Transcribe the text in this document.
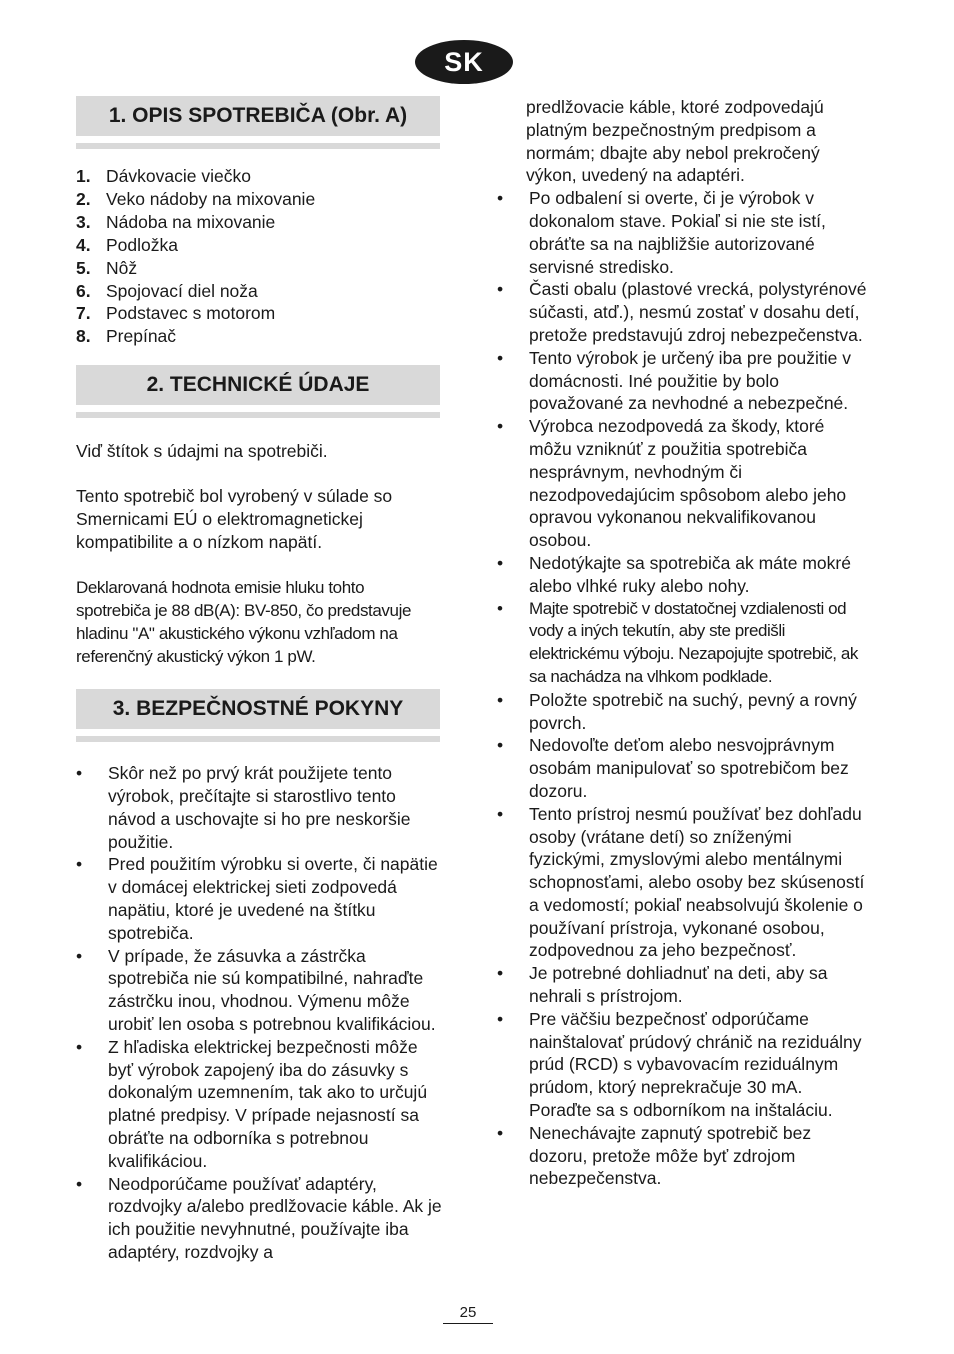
SK
1. OPIS SPOTREBIČA (Obr. A)
1. Dávkovacie viečko
2. Veko nádoby na mixovanie
3. Nádoba na mixovanie
4. Podložka
5. Nôž
6. Spojovací diel noža
7. Podstavec s motorom
8. Prepínač
2. TECHNICKÉ ÚDAJE

Viď štítok s údajmi na spotrebiči.

Tento spotrebič bol vyrobený v súlade so Smernicami EÚ o elektromagnetickej kompatibilite a o nízkom napätí.

Deklarovaná hodnota emisie hluku tohto spotrebiča je 88 dB(A): BV-850, čo predstavuje hladinu "A" akustického výkonu vzhľadom na referenčný akustický výkon 1 pW.

3. BEZPEČNOSTNÉ POKYNY
• Skôr než po prvý krát použijete tento výrobok, prečítajte si starostlivo tento návod a uschovajte si ho pre neskoršie použitie.
• Pred použitím výrobku si overte, či napätie v domácej elektrickej sieti zodpovedá napätiu, ktoré je uvedené na štítku spotrebiča.
• V prípade, že zásuvka a zástrčka spotrebiča nie sú kompatibilné, nahraďte zástrčku inou, vhodnou. Výmenu môže urobiť len osoba s potrebnou kvalifikáciou.
• Z hľadiska elektrickej bezpečnosti môže byť výrobok zapojený iba do zásuvky s dokonalým uzemnením, tak ako to určujú platné predpisy. V prípade nejasností sa obráťte na odborníka s potrebnou kvalifikáciou.
• Neodporúčame používať adaptéry, rozdvojky a/alebo predlžovacie káble. Ak je ich použitie nevyhnutné, používajte iba adaptéry, rozdvojky a

predlžovacie káble, ktoré zodpovedajú platným bezpečnostným predpisom a normám; dbajte aby nebol prekročený výkon, uvedený na adaptéri.

• Po odbalení si overte, či je výrobok v dokonalom stave. Pokiaľ si nie ste istí, obráťte sa na najbližšie autorizované servisné stredisko.
• Časti obalu (plastové vrecká, polystyrénové súčasti, atď.), nesmú zostať v dosahu detí, pretože predstavujú zdroj nebezpečenstva.
• Tento výrobok je určený iba pre použitie v domácnosti. Iné použitie by bolo považované za nevhodné a nebezpečné.
• Výrobca nezodpovedá za škody, ktoré môžu vzniknúť z použitia spotrebiča nesprávnym, nevhodným či nezodpovedajúcim spôsobom alebo jeho opravou vykonanou nekvalifikovanou osobou.
• Nedotýkajte sa spotrebiča ak máte mokré alebo vlhké ruky alebo nohy.
• Majte spotrebič v dostatočnej vzdialenosti od vody a iných tekutín, aby ste predišli elektrickému výboju. Nezapojujte spotrebič, ak sa nachádza na vlhkom podklade.
• Položte spotrebič na suchý, pevný a rovný povrch.
• Nedovoľte deťom alebo nesvojprávnym osobám manipulovať so spotrebičom bez dozoru.
• Tento prístroj nesmú používať bez dohľadu osoby (vrátane detí) so zníženými fyzickými, zmyslovými alebo mentálnymi schopnosťami, alebo osoby bez skúseností a vedomostí; pokiaľ neabsolvujú školenie o používaní prístroja, vykonané osobou, zodpovednou za jeho bezpečnosť.
• Je potrebné dohliadnuť na deti, aby sa nehrali s prístrojom.
• Pre väčšiu bezpečnosť odporúčame nainštalovať prúdový chránič na reziduálny prúd (RCD) s vybavovacím reziduálnym prúdom, ktorý neprekračuje 30 mA. Poraďte sa s odborníkom na inštaláciu.
• Nenechávajte zapnutý spotrebič bez dozoru, pretože môže byť zdrojom nebezpečenstva.
25
